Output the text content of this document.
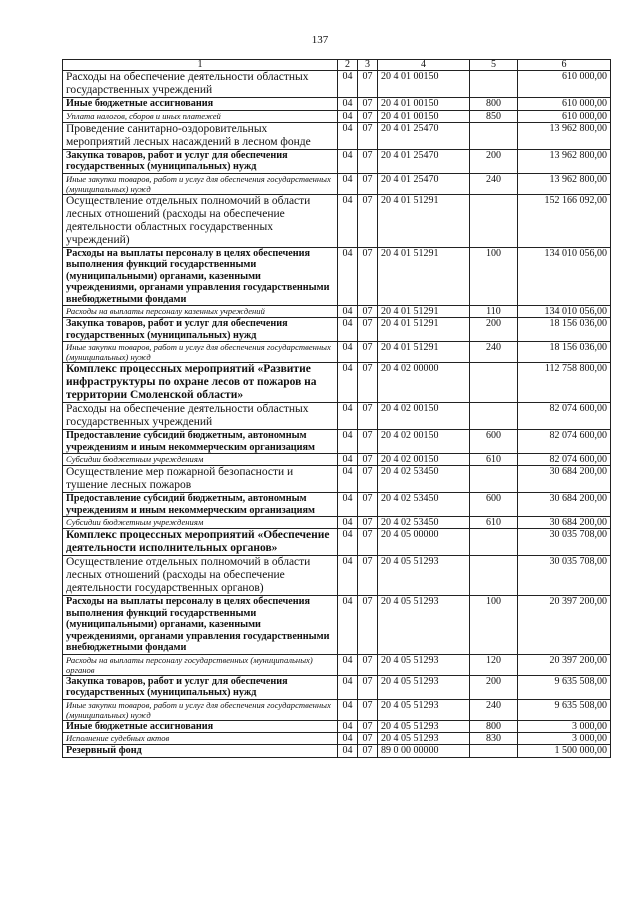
137
1	2	3	4	5	6
Расходы на обеспечение деятельности областных государственных учреждений	04	07	20 4 01 00150		610 000,00
Иные бюджетные ассигнования	04	07	20 4 01 00150	800	610 000,00
Уплата налогов, сборов и иных платежей	04	07	20 4 01 00150	850	610 000,00
Проведение санитарно-оздоровительных мероприятий лесных насаждений в лесном фонде	04	07	20 4 01 25470		13 962 800,00
Закупка товаров, работ и услуг для обеспечения государственных (муниципальных) нужд	04	07	20 4 01 25470	200	13 962 800,00
Иные закупки товаров, работ и услуг для обеспечения государственных (муниципальных) нужд	04	07	20 4 01 25470	240	13 962 800,00
Осуществление отдельных полномочий в области лесных отношений (расходы на обеспечение деятельности областных государственных учреждений)	04	07	20 4 01 51291		152 166 092,00
Расходы на выплаты персоналу в целях обеспечения выполнения функций государственными (муниципальными) органами, казенными учреждениями, органами управления государственными внебюджетными фондами	04	07	20 4 01 51291	100	134 010 056,00
Расходы на выплаты персоналу казенных учреждений	04	07	20 4 01 51291	110	134 010 056,00
Закупка товаров, работ и услуг для обеспечения государственных (муниципальных) нужд	04	07	20 4 01 51291	200	18 156 036,00
Иные закупки товаров, работ и услуг для обеспечения государственных (муниципальных) нужд	04	07	20 4 01 51291	240	18 156 036,00
Комплекс процессных мероприятий «Развитие инфраструктуры по охране лесов от пожаров на территории Смоленской области»	04	07	20 4 02 00000		112 758 800,00
Расходы на обеспечение деятельности областных государственных учреждений	04	07	20 4 02 00150		82 074 600,00
Предоставление субсидий бюджетным, автономным учреждениям и иным некоммерческим организациям	04	07	20 4 02 00150	600	82 074 600,00
Субсидии бюджетным учреждениям	04	07	20 4 02 00150	610	82 074 600,00
Осуществление мер пожарной безопасности и тушение лесных пожаров	04	07	20 4 02 53450		30 684 200,00
Предоставление субсидий бюджетным, автономным учреждениям и иным некоммерческим организациям	04	07	20 4 02 53450	600	30 684 200,00
Субсидии бюджетным учреждениям	04	07	20 4 02 53450	610	30 684 200,00
Комплекс процессных мероприятий «Обеспечение деятельности исполнительных органов»	04	07	20 4 05 00000		30 035 708,00
Осуществление отдельных полномочий в области лесных отношений (расходы на обеспечение деятельности государственных органов)	04	07	20 4 05 51293		30 035 708,00
Расходы на выплаты персоналу в целях обеспечения выполнения функций государственными (муниципальными) органами, казенными учреждениями, органами управления государственными внебюджетными фондами	04	07	20 4 05 51293	100	20 397 200,00
Расходы на выплаты персоналу государственных (муниципальных) органов	04	07	20 4 05 51293	120	20 397 200,00
Закупка товаров, работ и услуг для обеспечения государственных (муниципальных) нужд	04	07	20 4 05 51293	200	9 635 508,00
Иные закупки товаров, работ и услуг для обеспечения государственных (муниципальных) нужд	04	07	20 4 05 51293	240	9 635 508,00
Иные бюджетные ассигнования	04	07	20 4 05 51293	800	3 000,00
Исполнение судебных актов	04	07	20 4 05 51293	830	3 000,00
Резервный фонд	04	07	89 0 00 00000		1 500 000,00
